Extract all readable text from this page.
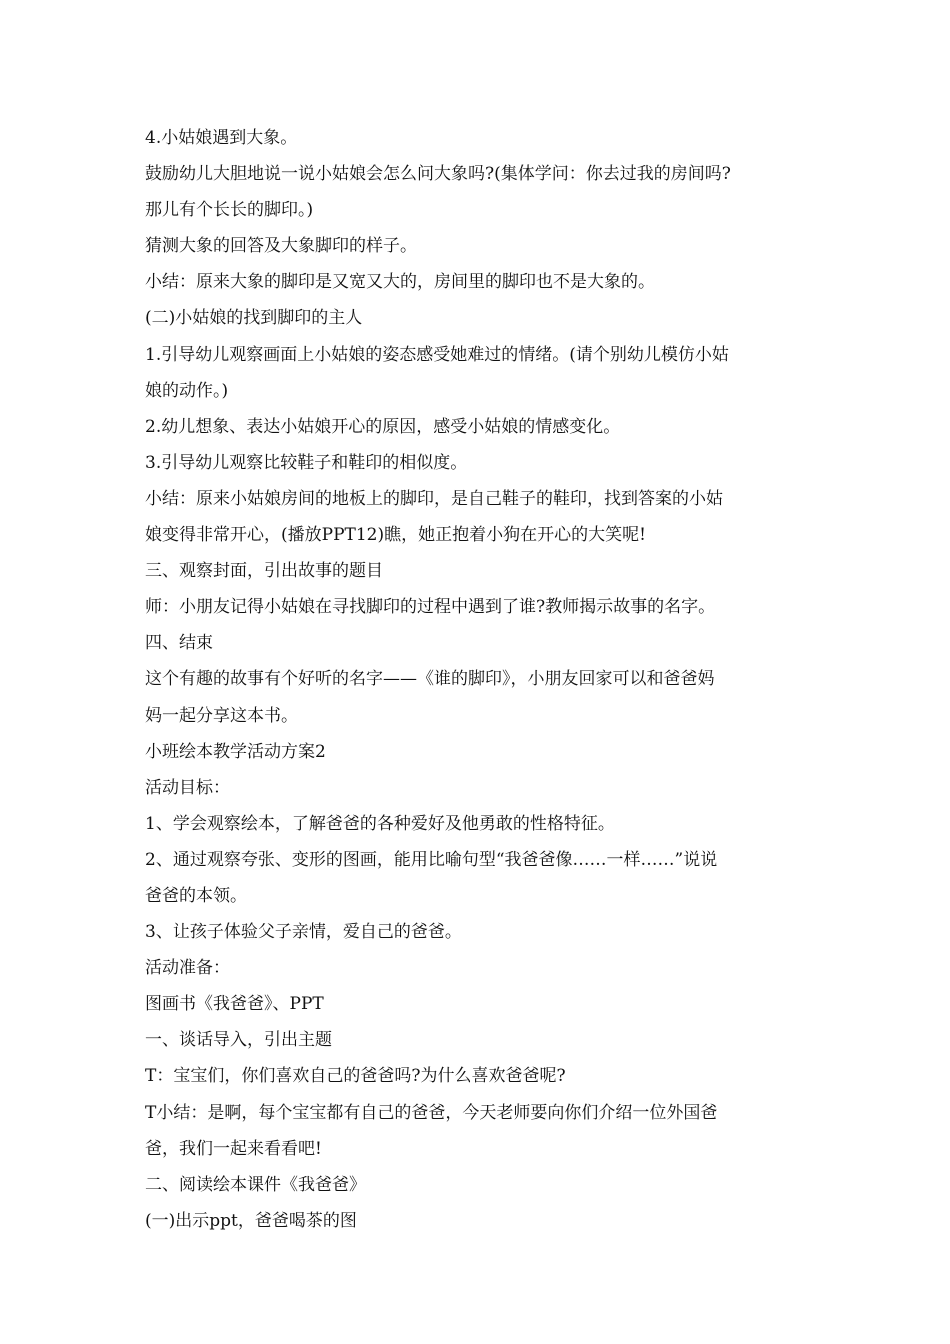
4.小姑娘遇到大象。
鼓励幼儿大胆地说一说小姑娘会怎么问大象吗?(集体学问：你去过我的房间吗?
那儿有个长长的脚印。)
猜测大象的回答及大象脚印的样子。
小结：原来大象的脚印是又宽又大的，房间里的脚印也不是大象的。
(二)小姑娘的找到脚印的主人
1.引导幼儿观察画面上小姑娘的姿态感受她难过的情绪。(请个别幼儿模仿小姑
娘的动作。)
2.幼儿想象、表达小姑娘开心的原因，感受小姑娘的情感变化。
3.引导幼儿观察比较鞋子和鞋印的相似度。
小结：原来小姑娘房间的地板上的脚印，是自己鞋子的鞋印，找到答案的小姑
娘变得非常开心，(播放PPT12)瞧，她正抱着小狗在开心的大笑呢!
三、观察封面，引出故事的题目
师：小朋友记得小姑娘在寻找脚印的过程中遇到了谁?教师揭示故事的名字。
四、结束
这个有趣的故事有个好听的名字——《谁的脚印》，小朋友回家可以和爸爸妈
妈一起分享这本书。
小班绘本教学活动方案2
活动目标：
1、学会观察绘本，了解爸爸的各种爱好及他勇敢的性格特征。
2、通过观察夸张、变形的图画，能用比喻句型“我爸爸像……一样……”说说
爸爸的本领。
3、让孩子体验父子亲情，爱自己的爸爸。
活动准备：
图画书《我爸爸》、PPT
一、谈话导入，引出主题
T：宝宝们，你们喜欢自己的爸爸吗?为什么喜欢爸爸呢?
T小结：是啊，每个宝宝都有自己的爸爸，今天老师要向你们介绍一位外国爸
爸，我们一起来看看吧!
二、阅读绘本课件《我爸爸》
(一)出示ppt，爸爸喝茶的图
